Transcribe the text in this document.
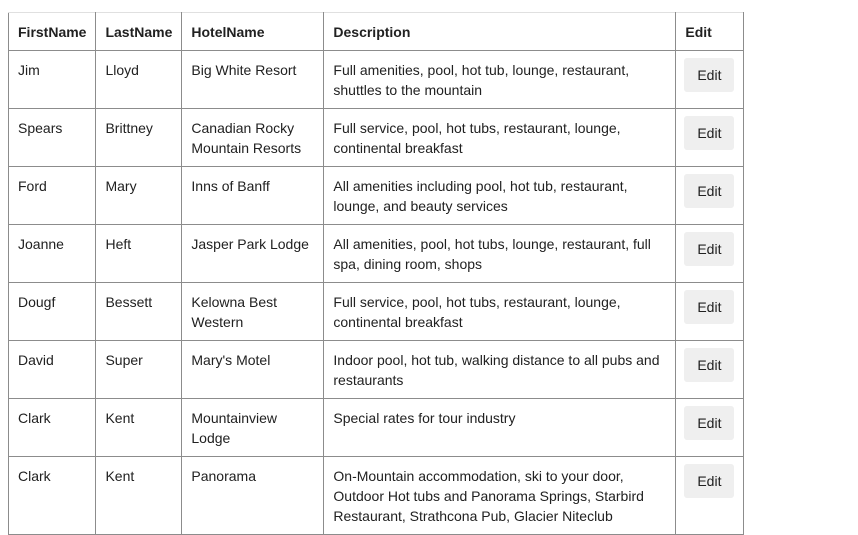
FirstName	LastName	HotelName	Description	Edit
Jim	Lloyd	Big White Resort	Full amenities, pool, hot tub, lounge, restaurant, shuttles to the mountain	Edit
Spears	Brittney	Canadian Rocky Mountain Resorts	Full service, pool, hot tubs, restaurant, lounge, continental breakfast	Edit
Ford	Mary	Inns of Banff	All amenities including pool, hot tub, restaurant, lounge, and beauty services	Edit
Joanne	Heft	Jasper Park Lodge	All amenities, pool, hot tubs, lounge, restaurant, full spa, dining room, shops	Edit
Dougf	Bessett	Kelowna Best Western	Full service, pool, hot tubs, restaurant, lounge, continental breakfast	Edit
David	Super	Mary's Motel	Indoor pool, hot tub, walking distance to all pubs and restaurants	Edit
Clark	Kent	Mountainview Lodge	Special rates for tour industry	Edit
Clark	Kent	Panorama	On-Mountain accommodation, ski to your door, Outdoor Hot tubs and Panorama Springs, Starbird Restaurant, Strathcona Pub, Glacier Niteclub	Edit
